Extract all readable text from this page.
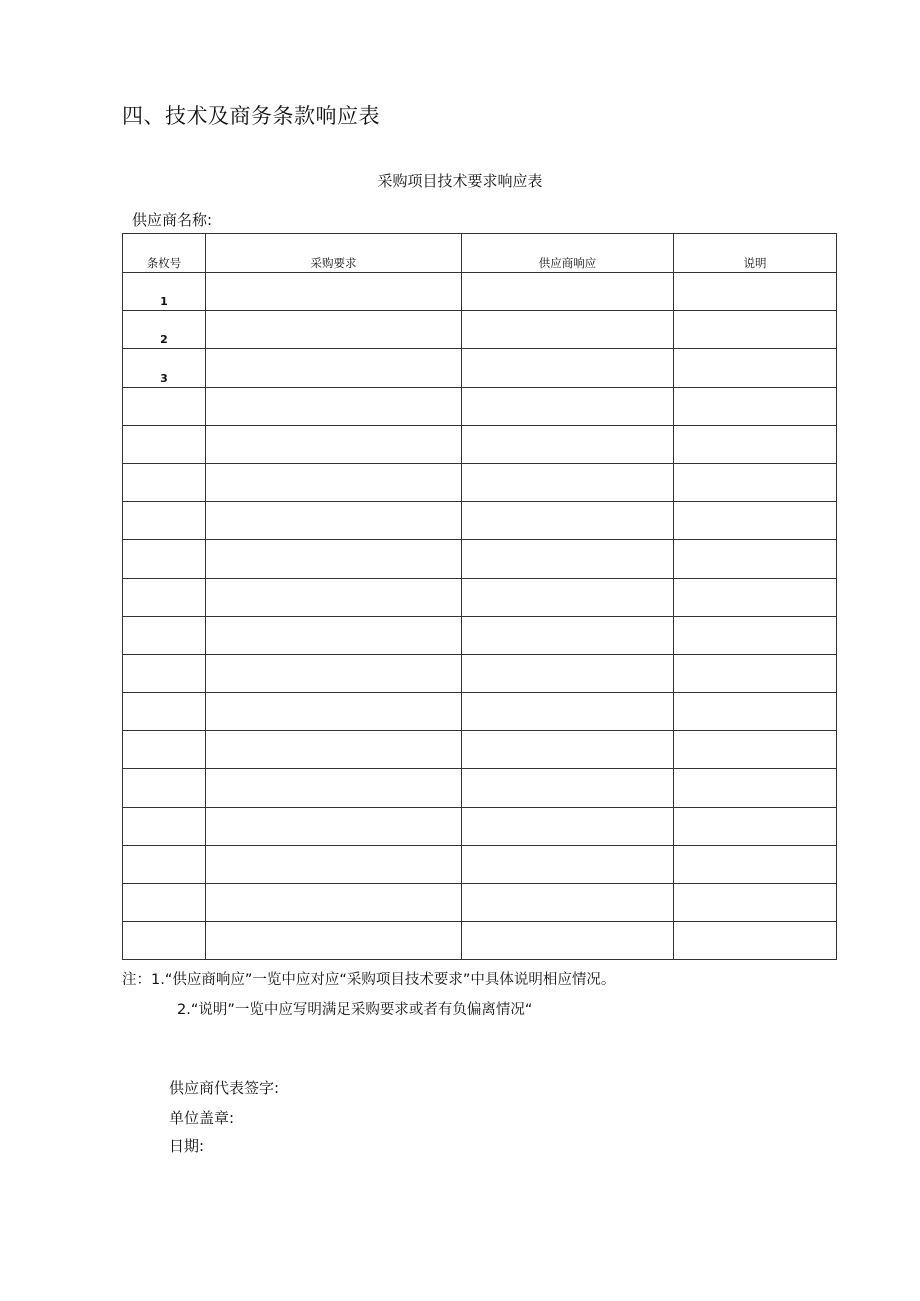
四、技术及商务条款响应表
采购项目技术要求响应表
供应商名称:
条枚号	采购要求	供应商响应	说明
1			
2			
3			

注：1.“供应商响应”一览中应对应“采购项目技术要求”中具体说明相应情况。
2.“说明”一览中应写明满足采购要求或者有负偏离情况“
供应商代表签字:
单位盖章:
日期:
